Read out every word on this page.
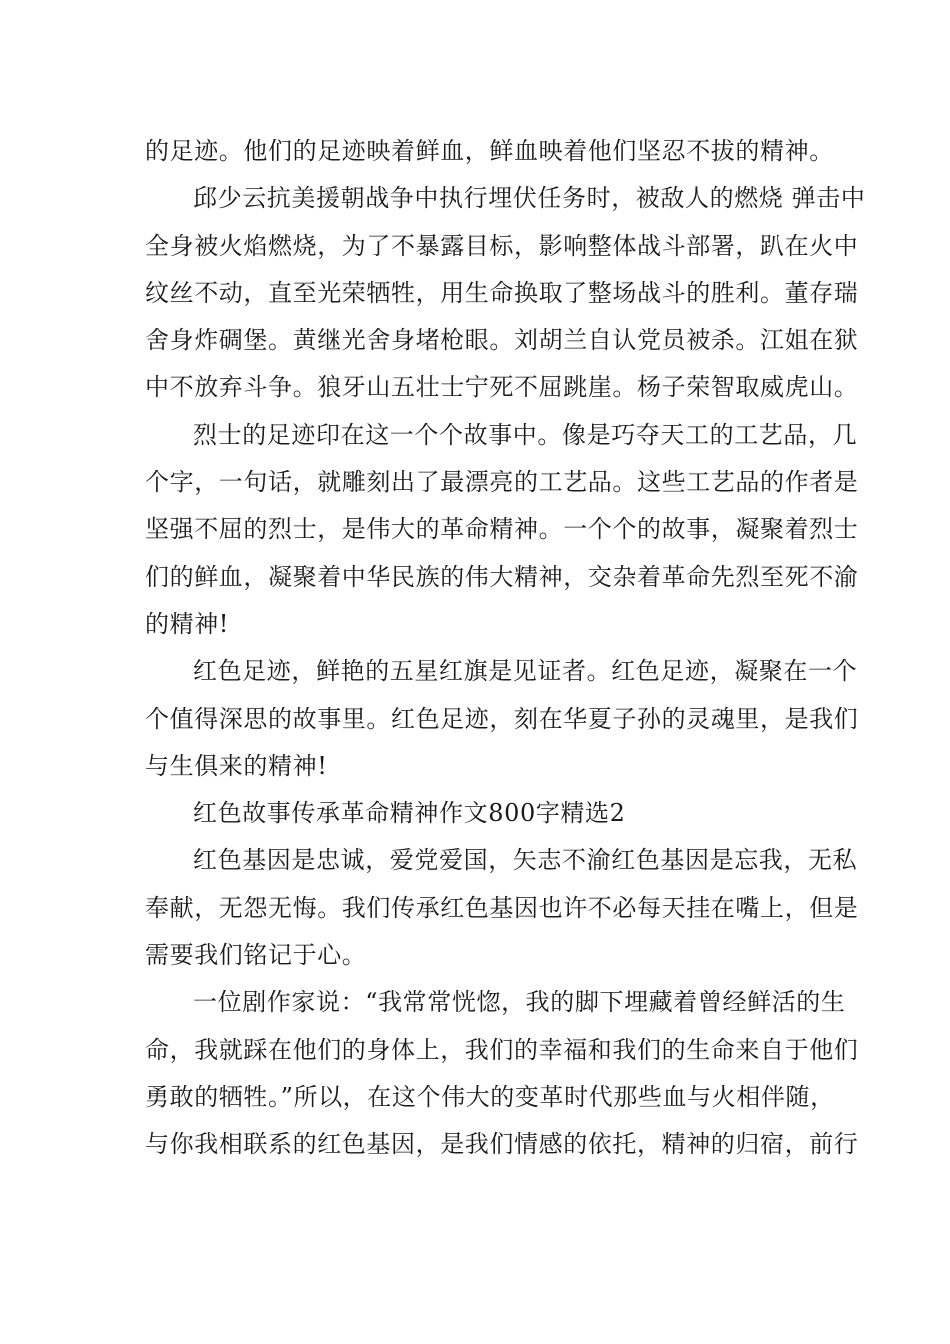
的足迹。他们的足迹映着鲜血，鲜血映着他们坚忍不拔的精神。
邱少云抗美援朝战争中执行埋伏任务时，被敌人的燃烧 弹击中
全身被火焰燃烧，为了不暴露目标，影响整体战斗部署，趴在火中
纹丝不动，直至光荣牺牲，用生命换取了整场战斗的胜利。董存瑞
舍身炸碉堡。黄继光舍身堵枪眼。刘胡兰自认党员被杀。江姐在狱
中不放弃斗争。狼牙山五壮士宁死不屈跳崖。杨子荣智取威虎山。
烈士的足迹印在这一个个故事中。像是巧夺天工的工艺品，几
个字，一句话，就雕刻出了最漂亮的工艺品。这些工艺品的作者是
坚强不屈的烈士，是伟大的革命精神。一个个的故事，凝聚着烈士
们的鲜血，凝聚着中华民族的伟大精神，交杂着革命先烈至死不渝
的精神!
红色足迹，鲜艳的五星红旗是见证者。红色足迹，凝聚在一个
个值得深思的故事里。红色足迹，刻在华夏子孙的灵魂里，是我们
与生俱来的精神!
红色故事传承革命精神作文800字精选2
红色基因是忠诚，爱党爱国，矢志不渝红色基因是忘我，无私
奉献，无怨无悔。我们传承红色基因也许不必每天挂在嘴上，但是
需要我们铭记于心。
一位剧作家说：“我常常恍惚，我的脚下埋藏着曾经鲜活的生
命，我就踩在他们的身体上，我们的幸福和我们的生命来自于他们
勇敢的牺牲。”所以，在这个伟大的变革时代那些血与火相伴随，
与你我相联系的红色基因，是我们情感的依托，精神的归宿，前行
